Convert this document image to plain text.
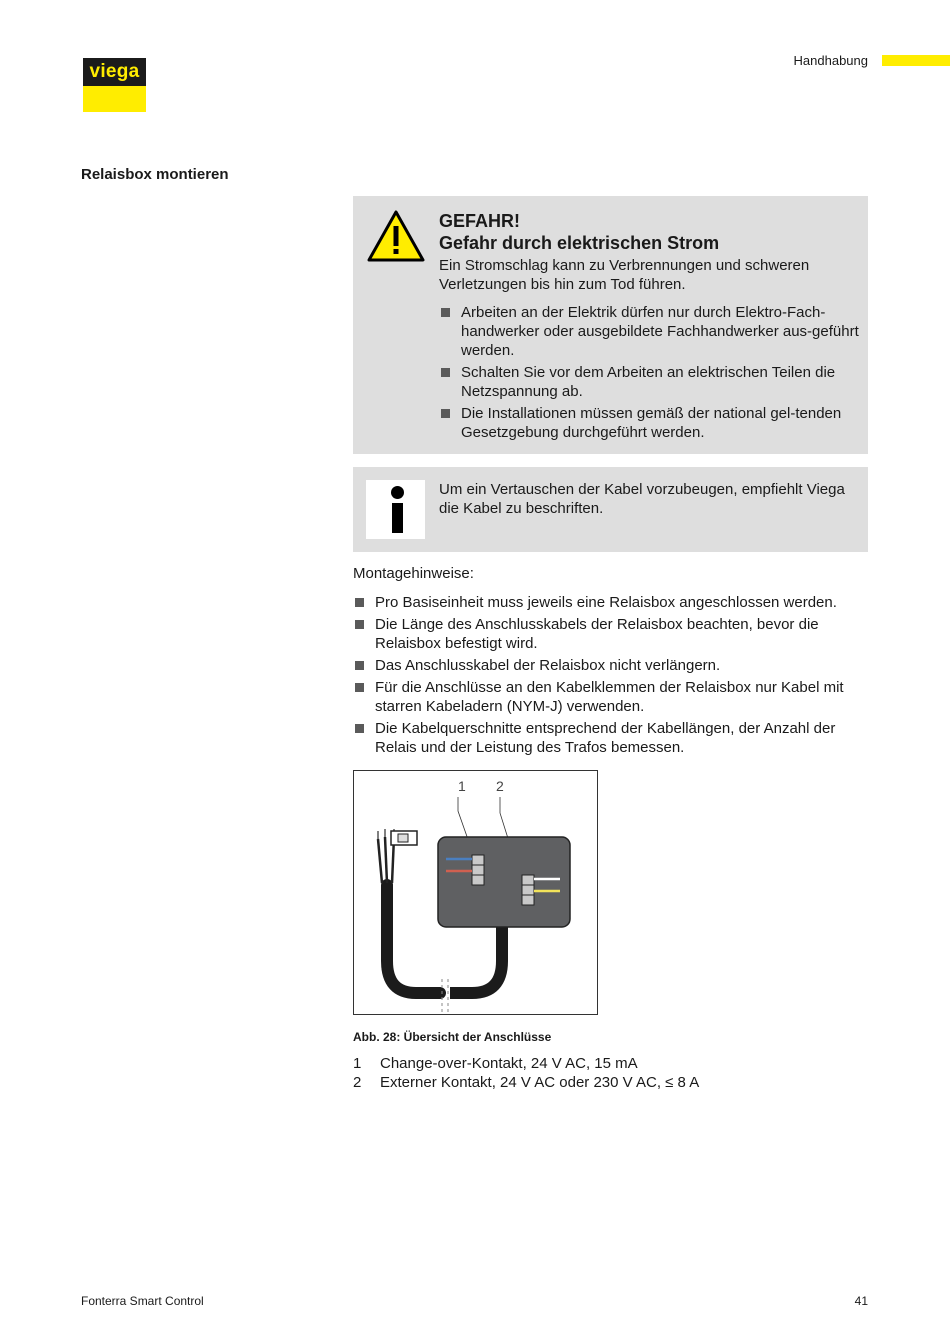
viega
Handhabung
Relaisbox montieren
GEFAHR!
Gefahr durch elektrischen Strom
Ein Stromschlag kann zu Verbrennungen und schweren Verletzungen bis hin zum Tod führen.
Arbeiten an der Elektrik dürfen nur durch Elektro-Fach-handwerker oder ausgebildete Fachhandwerker aus-geführt werden.
Schalten Sie vor dem Arbeiten an elektrischen Teilen die Netzspannung ab.
Die Installationen müssen gemäß der national gel-tenden Gesetzgebung durchgeführt werden.
Um ein Vertauschen der Kabel vorzubeugen, empfiehlt Viega die Kabel zu beschriften.
Montagehinweise:
Pro Basiseinheit muss jeweils eine Relaisbox angeschlossen werden.
Die Länge des Anschlusskabels der Relaisbox beachten, bevor die Relaisbox befestigt wird.
Das Anschlusskabel der Relaisbox nicht verlängern.
Für die Anschlüsse an den Kabelklemmen der Relaisbox nur Kabel mit starren Kabeladern (NYM-J) verwenden.
Die Kabelquerschnitte entsprechend der Kabellängen, der Anzahl der Relais und der Leistung des Trafos bemessen.
1 2
Abb. 28: Übersicht der Anschlüsse
1 Change-over-Kontakt, 24 V AC, 15 mA
2 Externer Kontakt, 24 V AC oder 230 V AC, ≤ 8 A
Fonterra Smart Control	41
